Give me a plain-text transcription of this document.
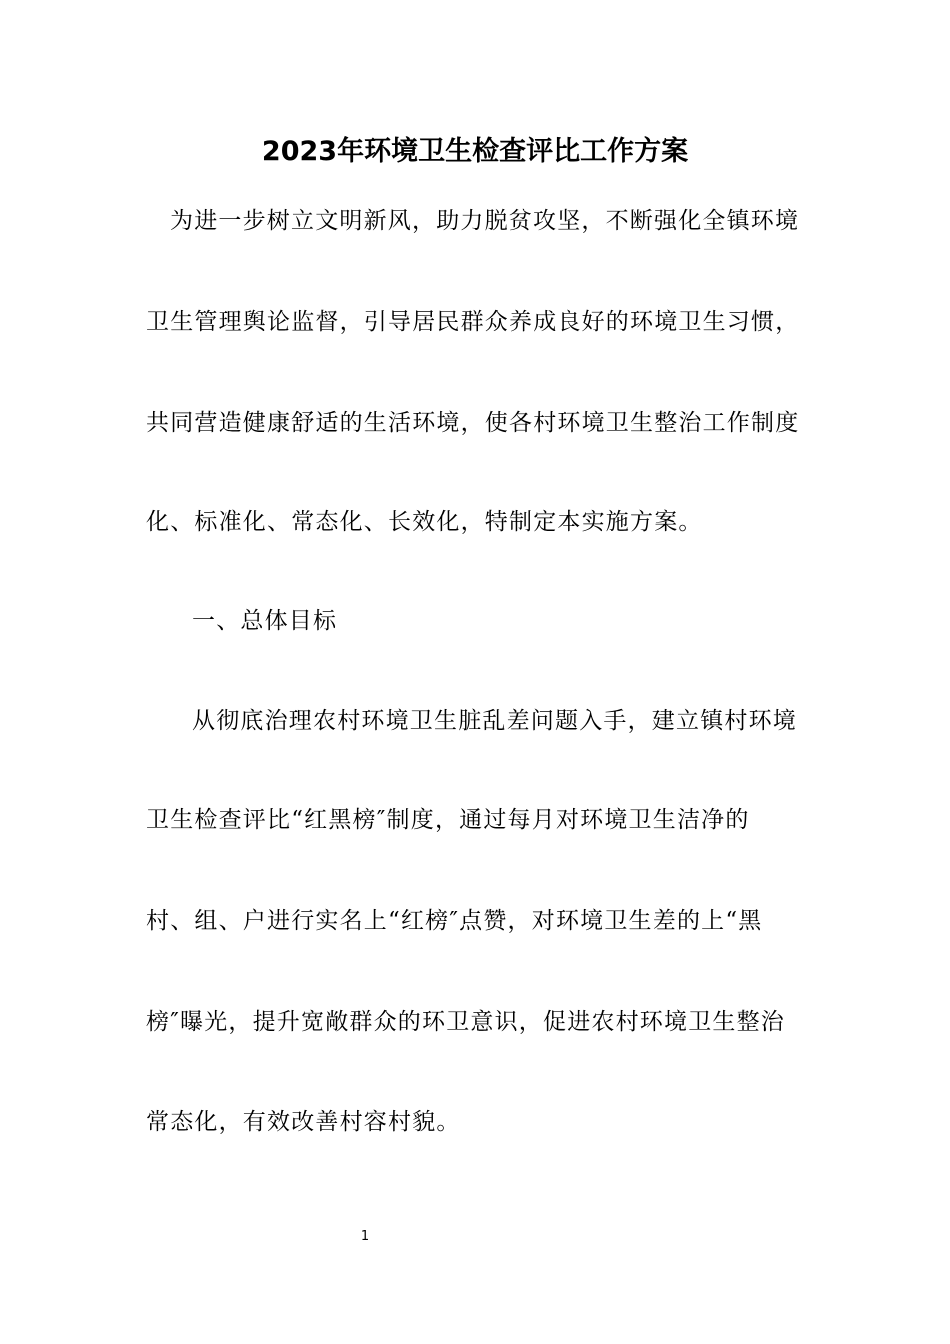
2023年环境卫生检查评比工作方案
为进一步树立文明新风，助力脱贫攻坚，不断强化全镇环境
卫生管理舆论监督，引导居民群众养成良好的环境卫生习惯，
共同营造健康舒适的生活环境，使各村环境卫生整治工作制度
化、标准化、常态化、长效化，特制定本实施方案。
一、总体目标
从彻底治理农村环境卫生脏乱差问题入手，建立镇村环境
卫生检查评比“红黑榜″制度，通过每月对环境卫生洁净的
村、组、户进行实名上“红榜″点赞，对环境卫生差的上“黑
榜″曝光，提升宽敞群众的环卫意识，促进农村环境卫生整治
常态化，有效改善村容村貌。
1
